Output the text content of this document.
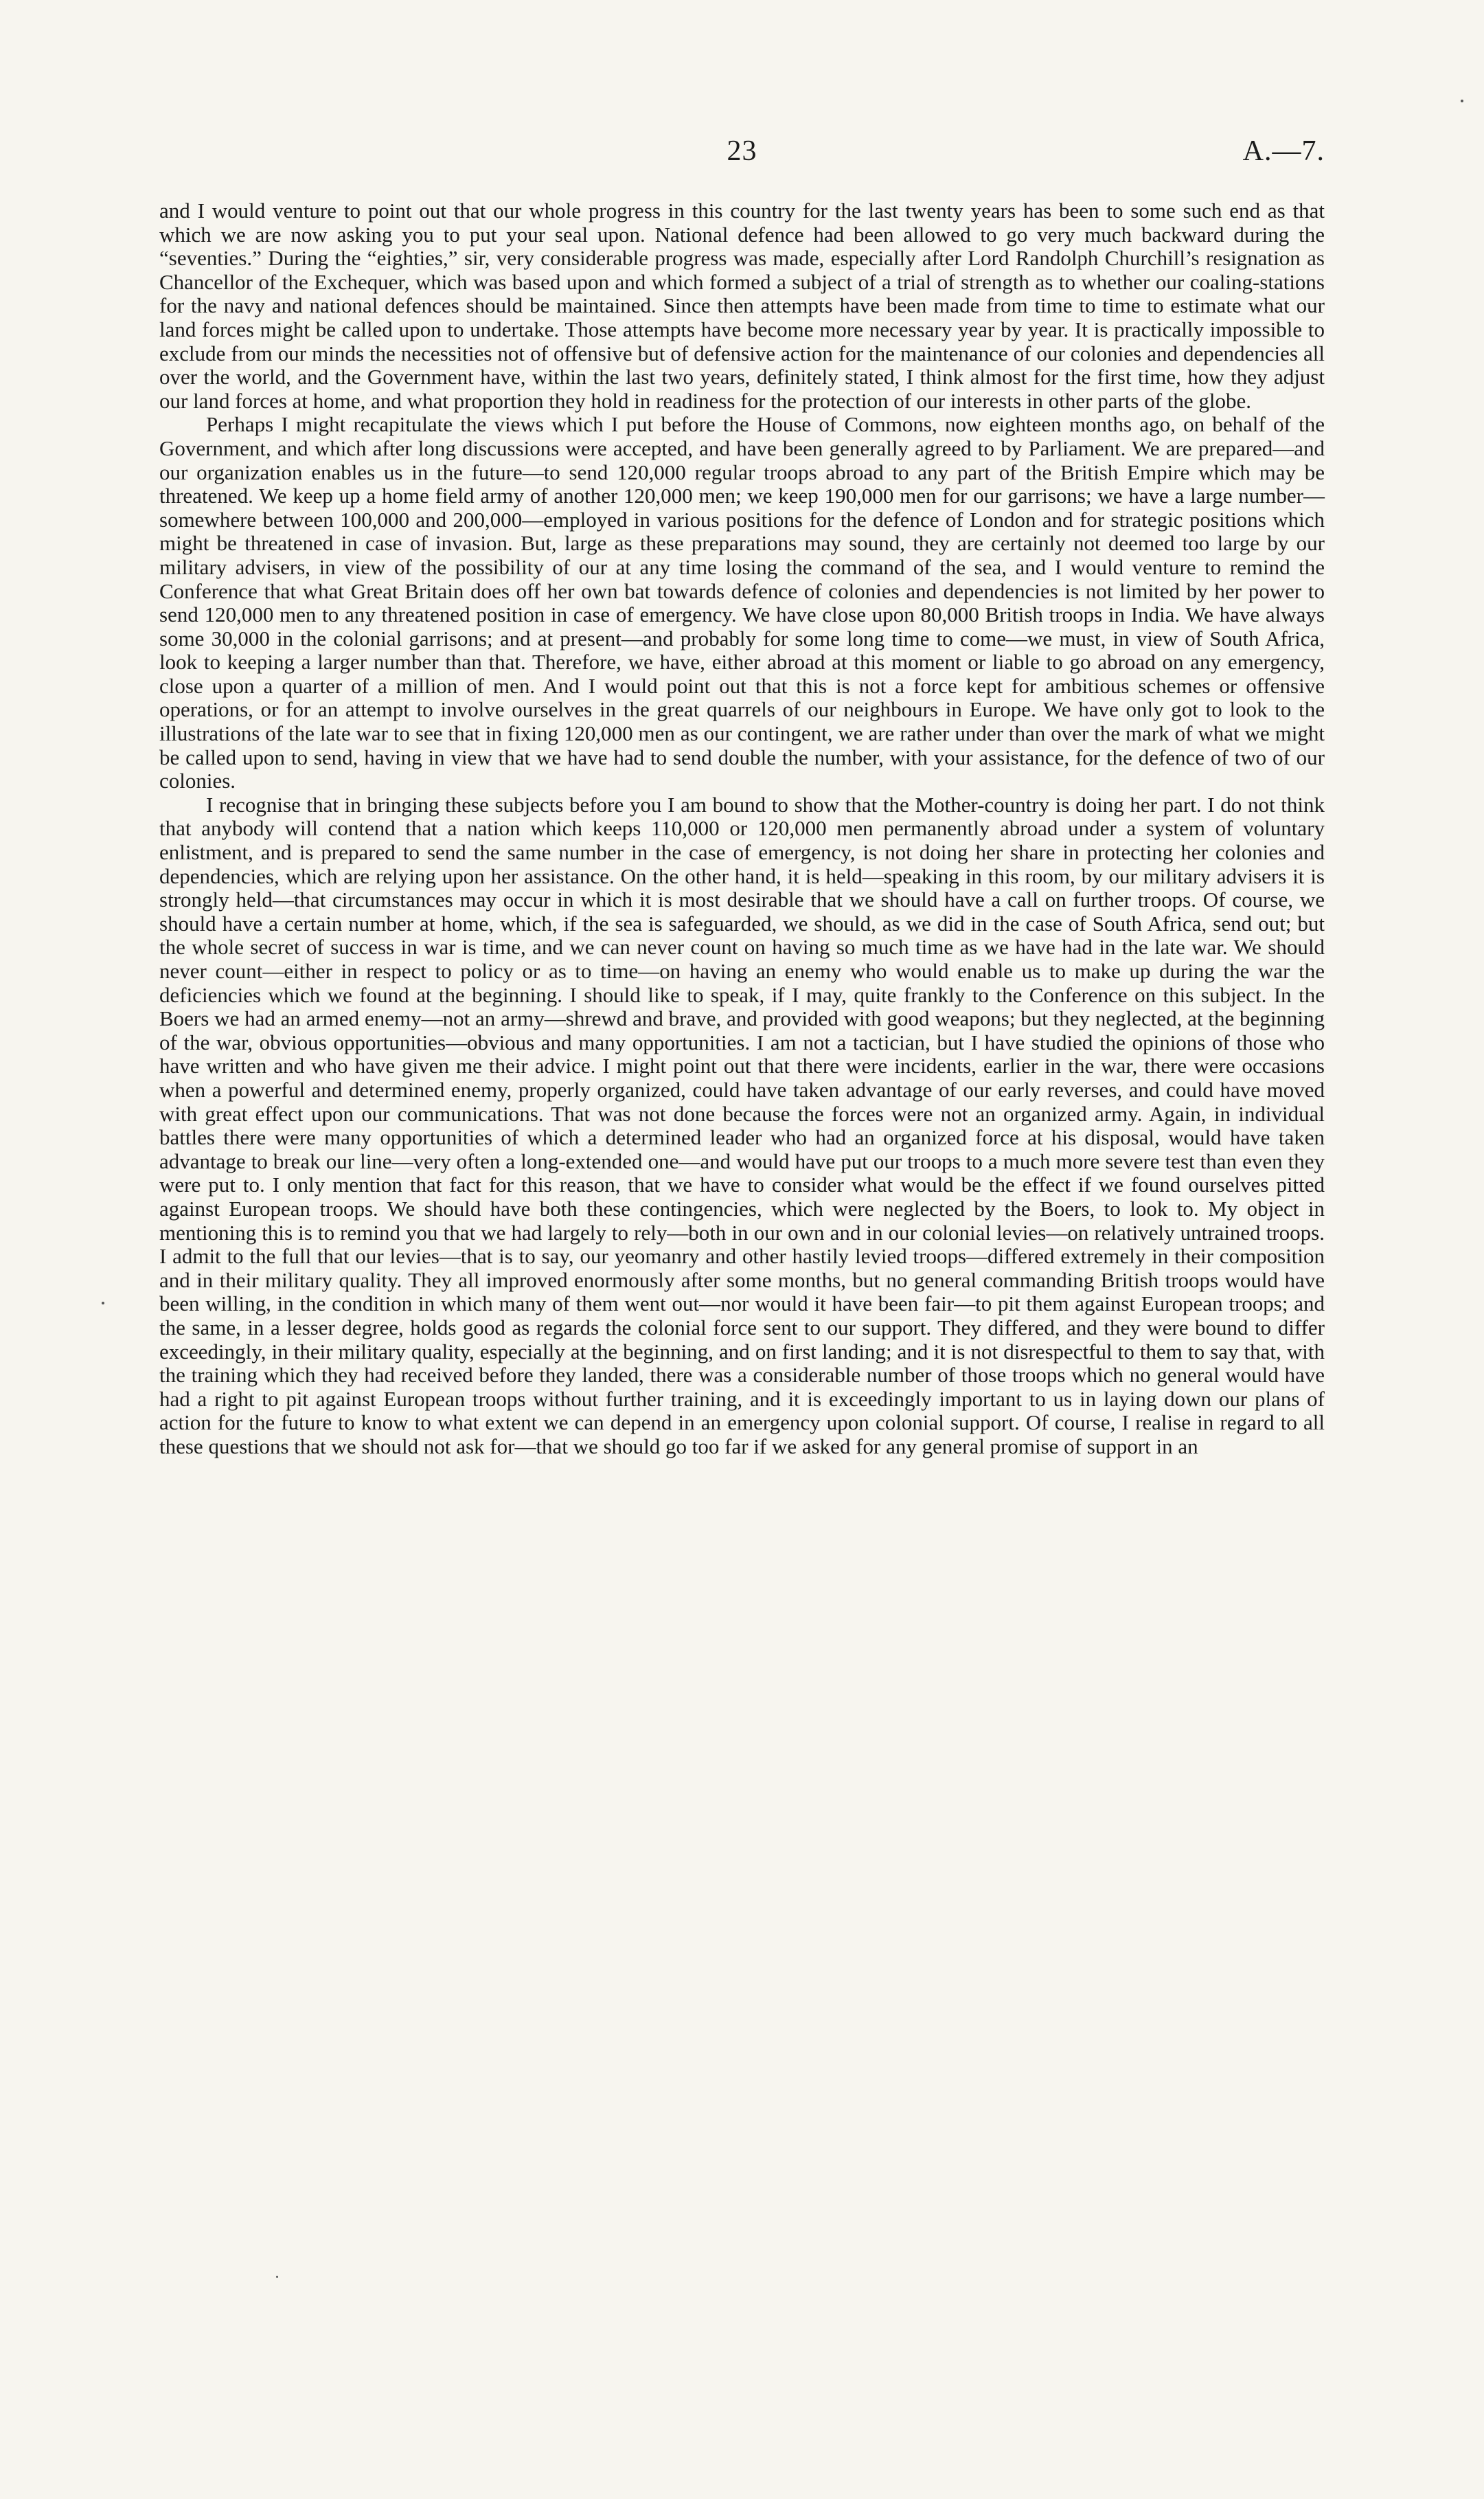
23	A.—7.

and I would venture to point out that our whole progress in this country for the last twenty years has been to some such end as that which we are now asking you to put your seal upon. National defence had been allowed to go very much backward during the “seventies.” During the “eighties,” sir, very considerable progress was made, especially after Lord Randolph Churchill’s resignation as Chancellor of the Exchequer, which was based upon and which formed a subject of a trial of strength as to whether our coaling-stations for the navy and national defences should be maintained. Since then attempts have been made from time to time to estimate what our land forces might be called upon to undertake. Those attempts have become more necessary year by year. It is practically impossible to exclude from our minds the necessities not of offensive but of defensive action for the maintenance of our colonies and dependencies all over the world, and the Government have, within the last two years, definitely stated, I think almost for the first time, how they adjust our land forces at home, and what proportion they hold in readiness for the protection of our interests in other parts of the globe.

Perhaps I might recapitulate the views which I put before the House of Commons, now eighteen months ago, on behalf of the Government, and which after long discussions were accepted, and have been generally agreed to by Parliament. We are prepared—and our organization enables us in the future—to send 120,000 regular troops abroad to any part of the British Empire which may be threatened. We keep up a home field army of another 120,000 men; we keep 190,000 men for our garrisons; we have a large number—somewhere between 100,000 and 200,000—employed in various positions for the defence of London and for strategic positions which might be threatened in case of invasion. But, large as these preparations may sound, they are certainly not deemed too large by our military advisers, in view of the possibility of our at any time losing the command of the sea, and I would venture to remind the Conference that what Great Britain does off her own bat towards defence of colonies and dependencies is not limited by her power to send 120,000 men to any threatened position in case of emergency. We have close upon 80,000 British troops in India. We have always some 30,000 in the colonial garrisons; and at present—and probably for some long time to come—we must, in view of South Africa, look to keeping a larger number than that. Therefore, we have, either abroad at this moment or liable to go abroad on any emergency, close upon a quarter of a million of men. And I would point out that this is not a force kept for ambitious schemes or offensive operations, or for an attempt to involve ourselves in the great quarrels of our neighbours in Europe. We have only got to look to the illustrations of the late war to see that in fixing 120,000 men as our contingent, we are rather under than over the mark of what we might be called upon to send, having in view that we have had to send double the number, with your assistance, for the defence of two of our colonies.

I recognise that in bringing these subjects before you I am bound to show that the Mother-country is doing her part. I do not think that anybody will contend that a nation which keeps 110,000 or 120,000 men permanently abroad under a system of voluntary enlistment, and is prepared to send the same number in the case of emergency, is not doing her share in protecting her colonies and dependencies, which are relying upon her assistance. On the other hand, it is held—speaking in this room, by our military advisers it is strongly held—that circumstances may occur in which it is most desirable that we should have a call on further troops. Of course, we should have a certain number at home, which, if the sea is safeguarded, we should, as we did in the case of South Africa, send out; but the whole secret of success in war is time, and we can never count on having so much time as we have had in the late war. We should never count—either in respect to policy or as to time—on having an enemy who would enable us to make up during the war the deficiencies which we found at the beginning. I should like to speak, if I may, quite frankly to the Conference on this subject. In the Boers we had an armed enemy—not an army—shrewd and brave, and provided with good weapons; but they neglected, at the beginning of the war, obvious opportunities—obvious and many opportunities. I am not a tactician, but I have studied the opinions of those who have written and who have given me their advice. I might point out that there were incidents, earlier in the war, there were occasions when a powerful and determined enemy, properly organized, could have taken advantage of our early reverses, and could have moved with great effect upon our communications. That was not done because the forces were not an organized army. Again, in individual battles there were many opportunities of which a determined leader who had an organized force at his disposal, would have taken advantage to break our line—very often a long-extended one—and would have put our troops to a much more severe test than even they were put to. I only mention that fact for this reason, that we have to consider what would be the effect if we found ourselves pitted against European troops. We should have both these contingencies, which were neglected by the Boers, to look to. My object in mentioning this is to remind you that we had largely to rely—both in our own and in our colonial levies—on relatively untrained troops. I admit to the full that our levies—that is to say, our yeomanry and other hastily levied troops—differed extremely in their composition and in their military quality. They all improved enormously after some months, but no general commanding British troops would have been willing, in the condition in which many of them went out—nor would it have been fair—to pit them against European troops; and the same, in a lesser degree, holds good as regards the colonial force sent to our support. They differed, and they were bound to differ exceedingly, in their military quality, especially at the beginning, and on first landing; and it is not disrespectful to them to say that, with the training which they had received before they landed, there was a considerable number of those troops which no general would have had a right to pit against European troops without further training, and it is exceedingly important to us in laying down our plans of action for the future to know to what extent we can depend in an emergency upon colonial support. Of course, I realise in regard to all these questions that we should not ask for—that we should go too far if we asked for any general promise of support in an
